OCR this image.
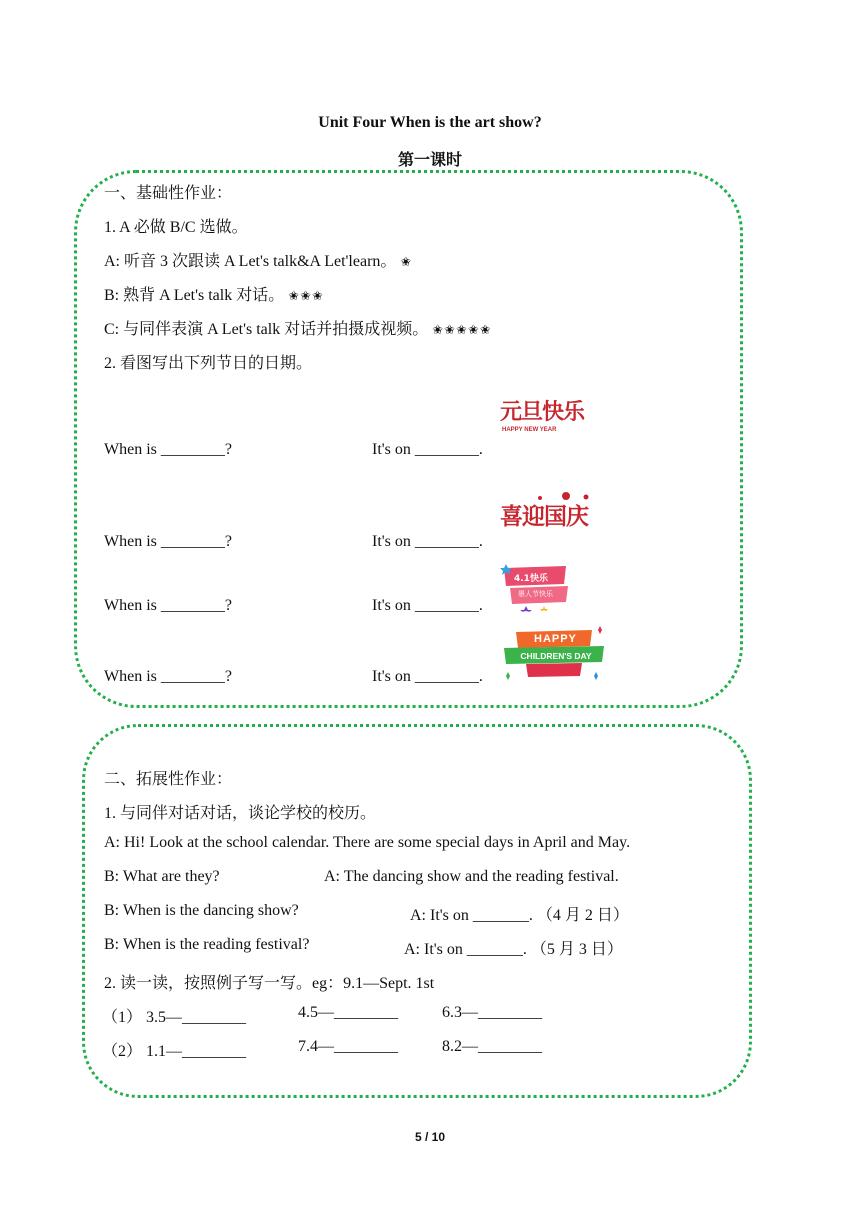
Unit Four When is the art show?
第一课时
一、基础性作业：
1. A 必做 B/C 选做。
A: 听音 3 次跟读 A Let's talk&A Let'learn。 ✬
B: 熟背 A Let's talk 对话。 ✬✬✬
C: 与同伴表演 A Let's talk 对话并拍摄成视频。 ✬✬✬✬✬
2. 看图写出下列节日的日期。
When is ________?	It's on ________.
When is ________?	It's on ________.
When is ________?	It's on ________.
When is ________?	It's on ________.
元旦快乐
HAPPY NEW YEAR
喜迎国庆
4.1快乐
愚人节快乐
HAPPY
CHILDREN'S DAY
二、拓展性作业：
1. 与同伴对话对话，谈论学校的校历。
A: Hi! Look at the school calendar. There are some special days in April and May.
B: What are they?	A: The dancing show and the reading festival.
B: When is the dancing show?	A: It's on _______. （4 月 2 日）
B: When is the reading festival?	A: It's on _______. （5 月 3 日）
2. 读一读，按照例子写一写。eg：9.1—Sept. 1st
（1） 3.5—________	4.5—________	6.3—________
（2） 1.1—________	7.4—________	8.2—________
5 / 10
